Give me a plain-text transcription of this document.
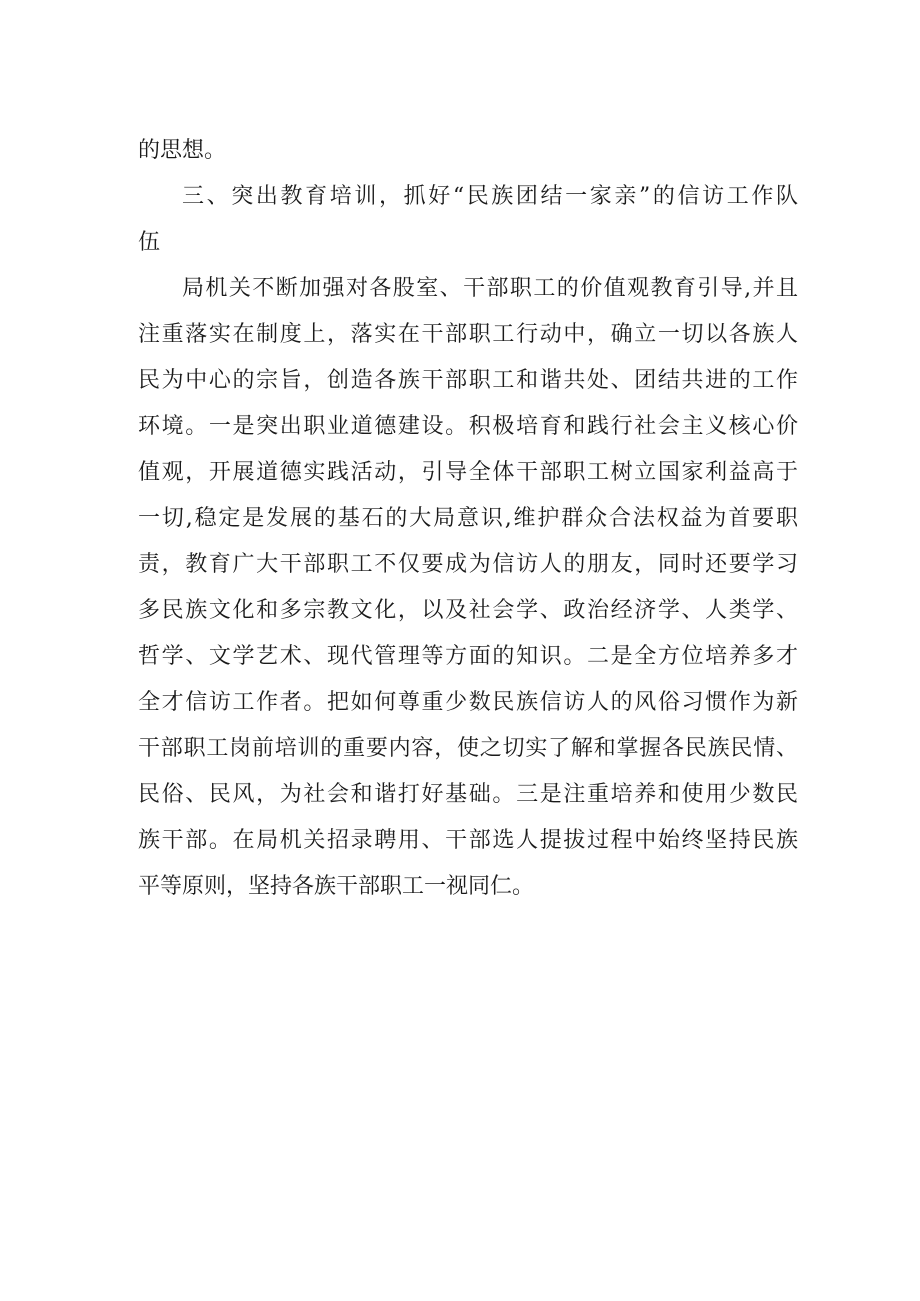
的思想。
三、突出教育培训，抓好“民族团结一家亲”的信访工作队
伍
局机关不断加强对各股室、干部职工的价值观教育引导,并且
注重落实在制度上，落实在干部职工行动中，确立一切以各族人
民为中心的宗旨，创造各族干部职工和谐共处、团结共进的工作
环境。一是突出职业道德建设。积极培育和践行社会主义核心价
值观，开展道德实践活动，引导全体干部职工树立国家利益高于
一切,稳定是发展的基石的大局意识,维护群众合法权益为首要职
责，教育广大干部职工不仅要成为信访人的朋友，同时还要学习
多民族文化和多宗教文化，以及社会学、政治经济学、人类学、
哲学、文学艺术、现代管理等方面的知识。二是全方位培养多才
全才信访工作者。把如何尊重少数民族信访人的风俗习惯作为新
干部职工岗前培训的重要内容，使之切实了解和掌握各民族民情、
民俗、民风，为社会和谐打好基础。三是注重培养和使用少数民
族干部。在局机关招录聘用、干部选人提拔过程中始终坚持民族
平等原则，坚持各族干部职工一视同仁。
